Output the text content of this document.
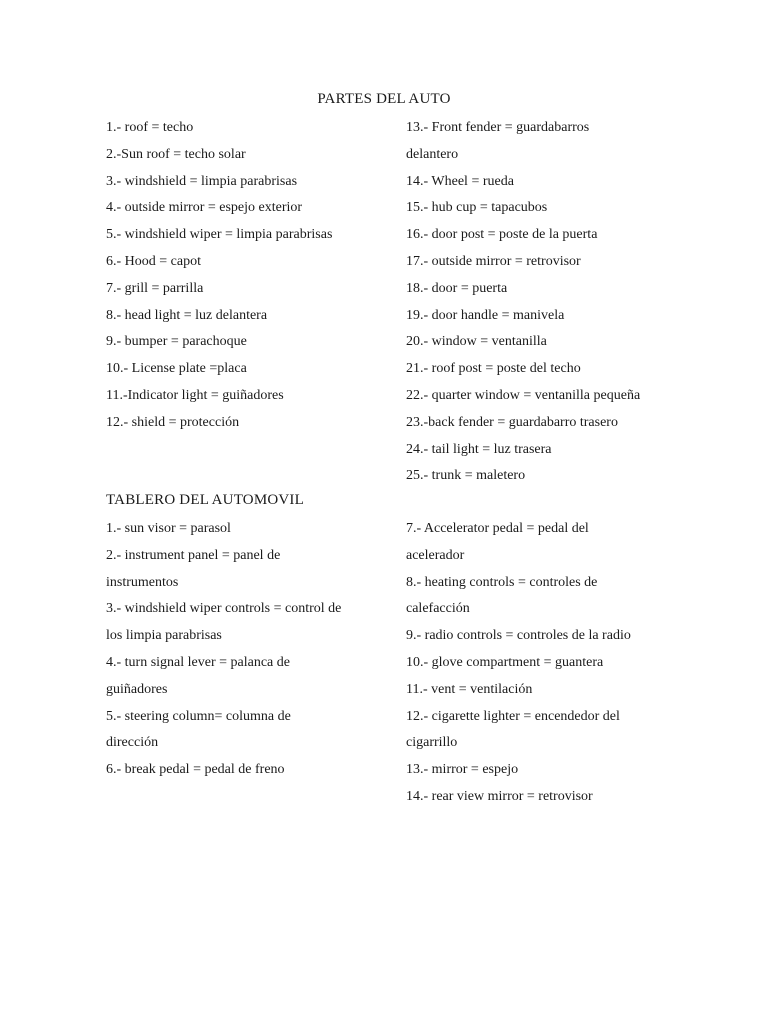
PARTES DEL AUTO
1.- roof = techo
2.-Sun roof = techo solar
3.- windshield = limpia parabrisas
4.- outside mirror = espejo exterior
5.- windshield wiper = limpia parabrisas
6.- Hood = capot
7.- grill = parrilla
8.- head light = luz delantera
9.- bumper = parachoque
10.- License plate =placa
11.-Indicator light = guiñadores
12.- shield = protección
13.- Front fender = guardabarros
delantero
14.- Wheel = rueda
15.- hub cup = tapacubos
16.- door post = poste de la puerta
17.- outside mirror = retrovisor
18.- door = puerta
19.- door handle = manivela
20.- window = ventanilla
21.- roof post = poste del techo
22.- quarter window = ventanilla pequeña
23.-back fender = guardabarro trasero
24.- tail light = luz trasera
25.- trunk = maletero
TABLERO DEL AUTOMOVIL
1.- sun visor = parasol
2.- instrument panel = panel de
instrumentos
3.- windshield wiper controls = control de
los limpia parabrisas
4.- turn signal lever = palanca de
guiñadores
5.- steering column= columna de
dirección
6.- break pedal = pedal de freno
7.- Accelerator pedal = pedal del
acelerador
8.- heating controls = controles de
calefacción
9.- radio controls = controles de la radio
10.- glove compartment = guantera
11.- vent = ventilación
12.- cigarette lighter = encendedor del
cigarrillo
13.- mirror = espejo
14.- rear view mirror = retrovisor
